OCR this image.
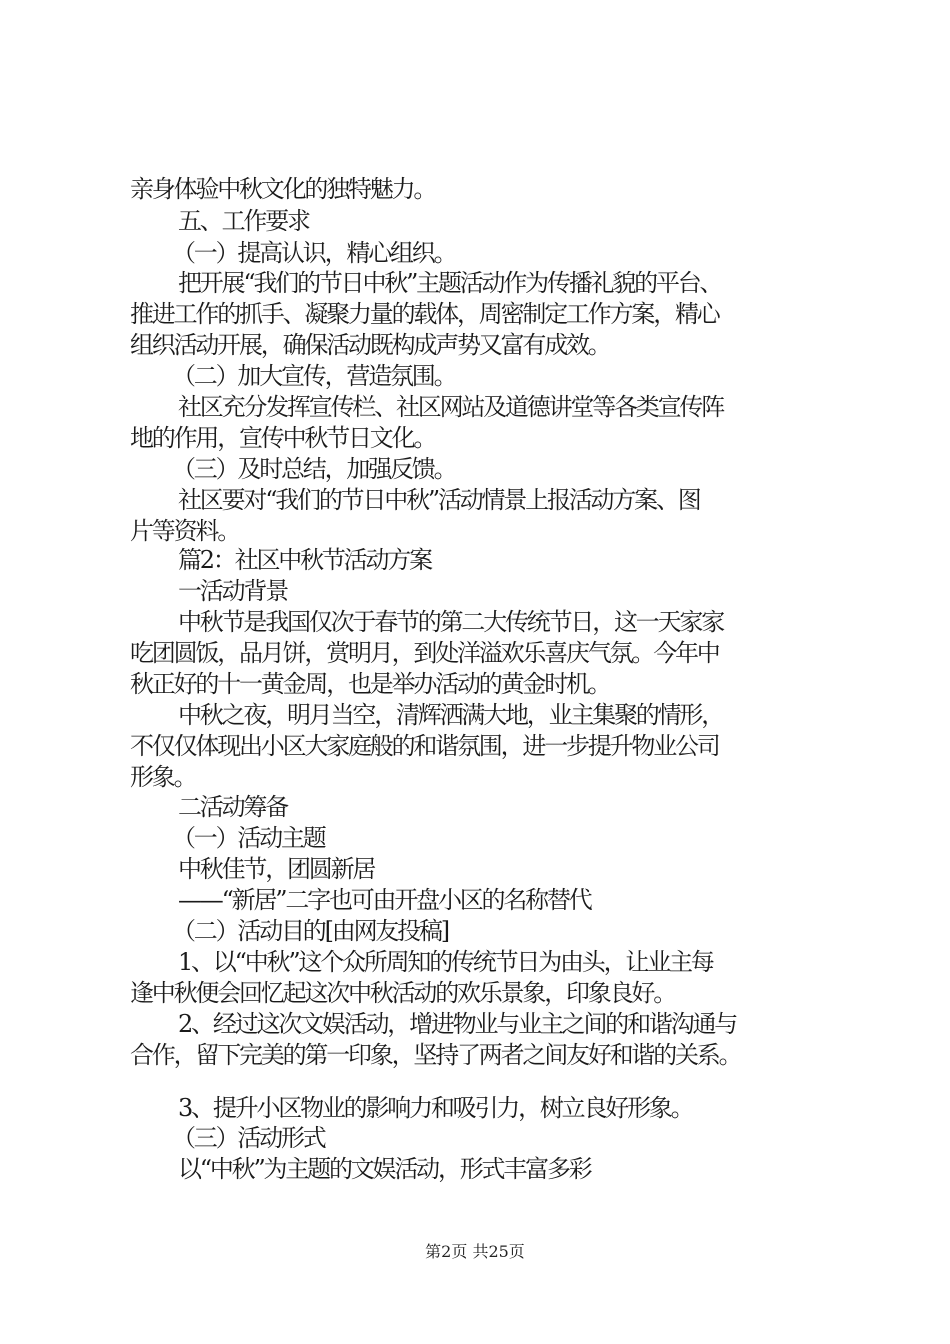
亲身体验中秋文化的独特魅力。
五、工作要求
（一）提高认识，精心组织。
把开展“我们的节日中秋”主题活动作为传播礼貌的平台、
推进工作的抓手、凝聚力量的载体，周密制定工作方案，精心
组织活动开展，确保活动既构成声势又富有成效。
（二）加大宣传，营造氛围。
社区充分发挥宣传栏、社区网站及道德讲堂等各类宣传阵
地的作用，宣传中秋节日文化。
（三）及时总结，加强反馈。
社区要对“我们的节日中秋”活动情景上报活动方案、图
片等资料。
篇2：社区中秋节活动方案
一活动背景
中秋节是我国仅次于春节的第二大传统节日，这一天家家
吃团圆饭，品月饼，赏明月，到处洋溢欢乐喜庆气氛。今年中
秋正好的十一黄金周，也是举办活动的黄金时机。
中秋之夜，明月当空，清辉洒满大地，业主集聚的情形，
不仅仅体现出小区大家庭般的和谐氛围，进一步提升物业公司
形象。
二活动筹备
（一）活动主题
中秋佳节，团圆新居
——“新居”二字也可由开盘小区的名称替代
（二）活动目的[由网友投稿]
1、以“中秋”这个众所周知的传统节日为由头，让业主每
逢中秋便会回忆起这次中秋活动的欢乐景象，印象良好。
2、经过这次文娱活动，增进物业与业主之间的和谐沟通与
合作，留下完美的第一印象，坚持了两者之间友好和谐的关系。
3、提升小区物业的影响力和吸引力，树立良好形象。
（三）活动形式
以“中秋”为主题的文娱活动，形式丰富多彩
第2页 共25页
